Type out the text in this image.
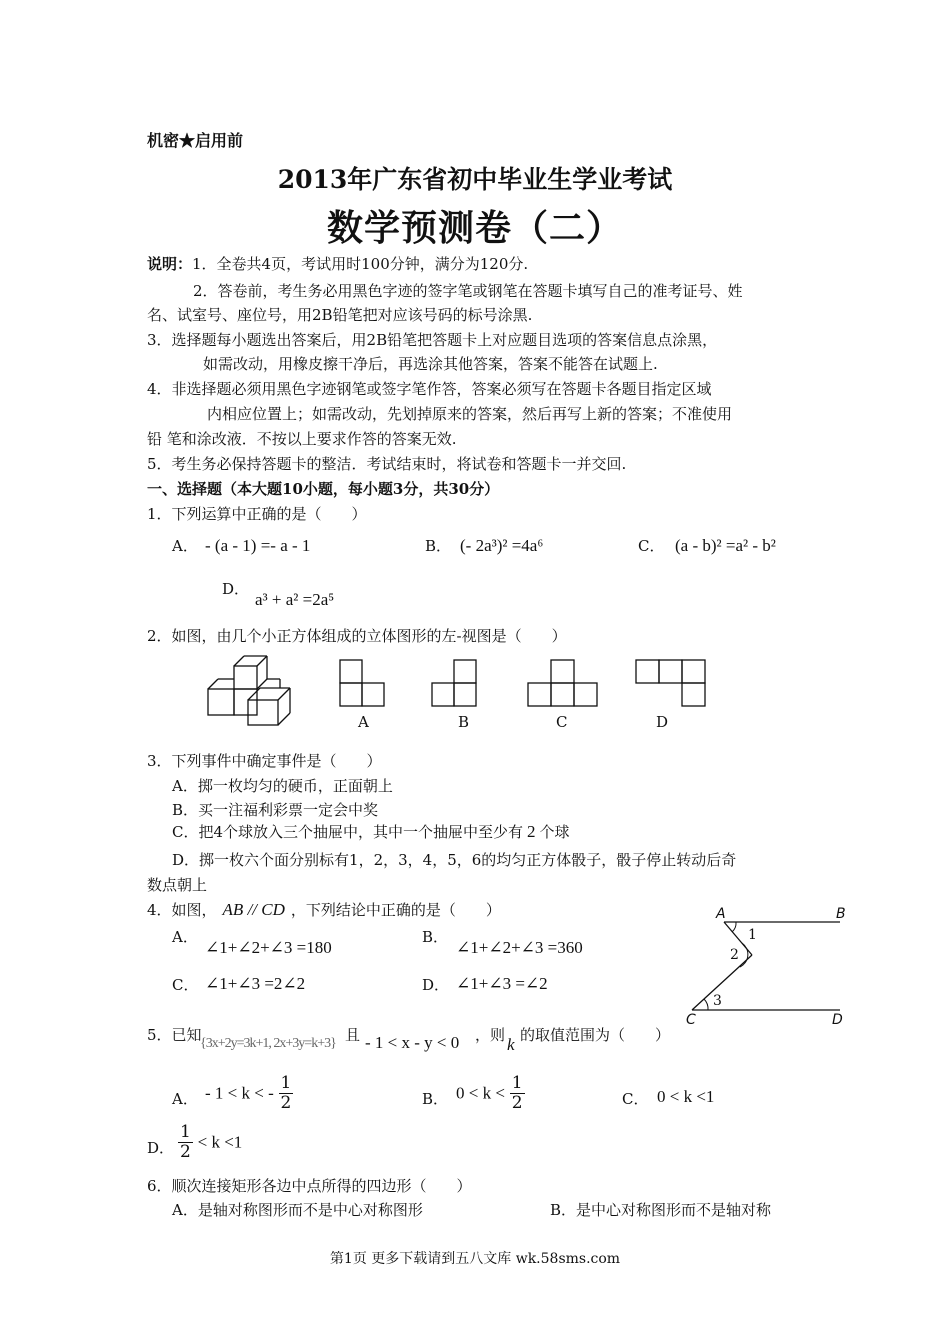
机密★启用前
2013年广东省初中毕业生学业考试
数学预测卷（二）
说明：1．全卷共4页，考试用时100分钟，满分为120分.
2．答卷前，考生务必用黑色字迹的签字笔或钢笔在答题卡填写自己的准考证号、姓
名、试室号、座位号，用2B铅笔把对应该号码的标号涂黑.
3．选择题每小题选出答案后，用2B铅笔把答题卡上对应题目选项的答案信息点涂黑，
如需改动，用橡皮擦干净后，再选涂其他答案，答案不能答在试题上.
4．非选择题必须用黑色字迹钢笔或签字笔作答，答案必须写在答题卡各题目指定区域
内相应位置上；如需改动，先划掉原来的答案，然后再写上新的答案；不准使用
铅 笔和涂改液．不按以上要求作答的答案无效.
5．考生务必保持答题卡的整洁．考试结束时，将试卷和答题卡一并交回.
一、选择题（本大题10小题，每小题3分，共30分）
1．下列运算中正确的是（　　）
A． - (a - 1) =- a - 1	B． (- 2a³)² =4a⁶	C． (a - b)² =a² - b²
D．
a³ + a² =2a⁵
2．如图，由几个小正方体组成的立体图形的左-视图是（　　）
A	B	C	D
3．下列事件中确定事件是（　　）
A．掷一枚均匀的硬币，正面朝上
B．买一注福利彩票一定会中奖
C．把4个球放入三个抽屉中，其中一个抽屉中至少有 2 个球
D．掷一枚六个面分别标有1，2，3，4，5，6的均匀正方体骰子，骰子停止转动后奇
数点朝上
4．如图， AB // CD ，下列结论中正确的是（　　）
A．
∠1+∠2+∠3 =180
B．
∠1+∠2+∠3 =360
C． ∠1+∠3 =2∠2	D． ∠1+∠3 =∠2
A	B
C	D
1
2
3
5．已知
{3x+2y=3k+1, 2x+3y=k+3} 且 - 1 < x - y < 0 ，则 k 的取值范围为（　　）
A． - 1 < k < - $\frac{1}{2}$	B． $0 < k < \frac{1}{2}$	C． 0 < k <1
D． $\frac{1}{2} < k <1$
6．顺次连接矩形各边中点所得的四边形（　　）
A．是轴对称图形而不是中心对称图形	B．是中心对称图形而不是轴对称
第1页 更多下载请到五八文库 wk.58sms.com
